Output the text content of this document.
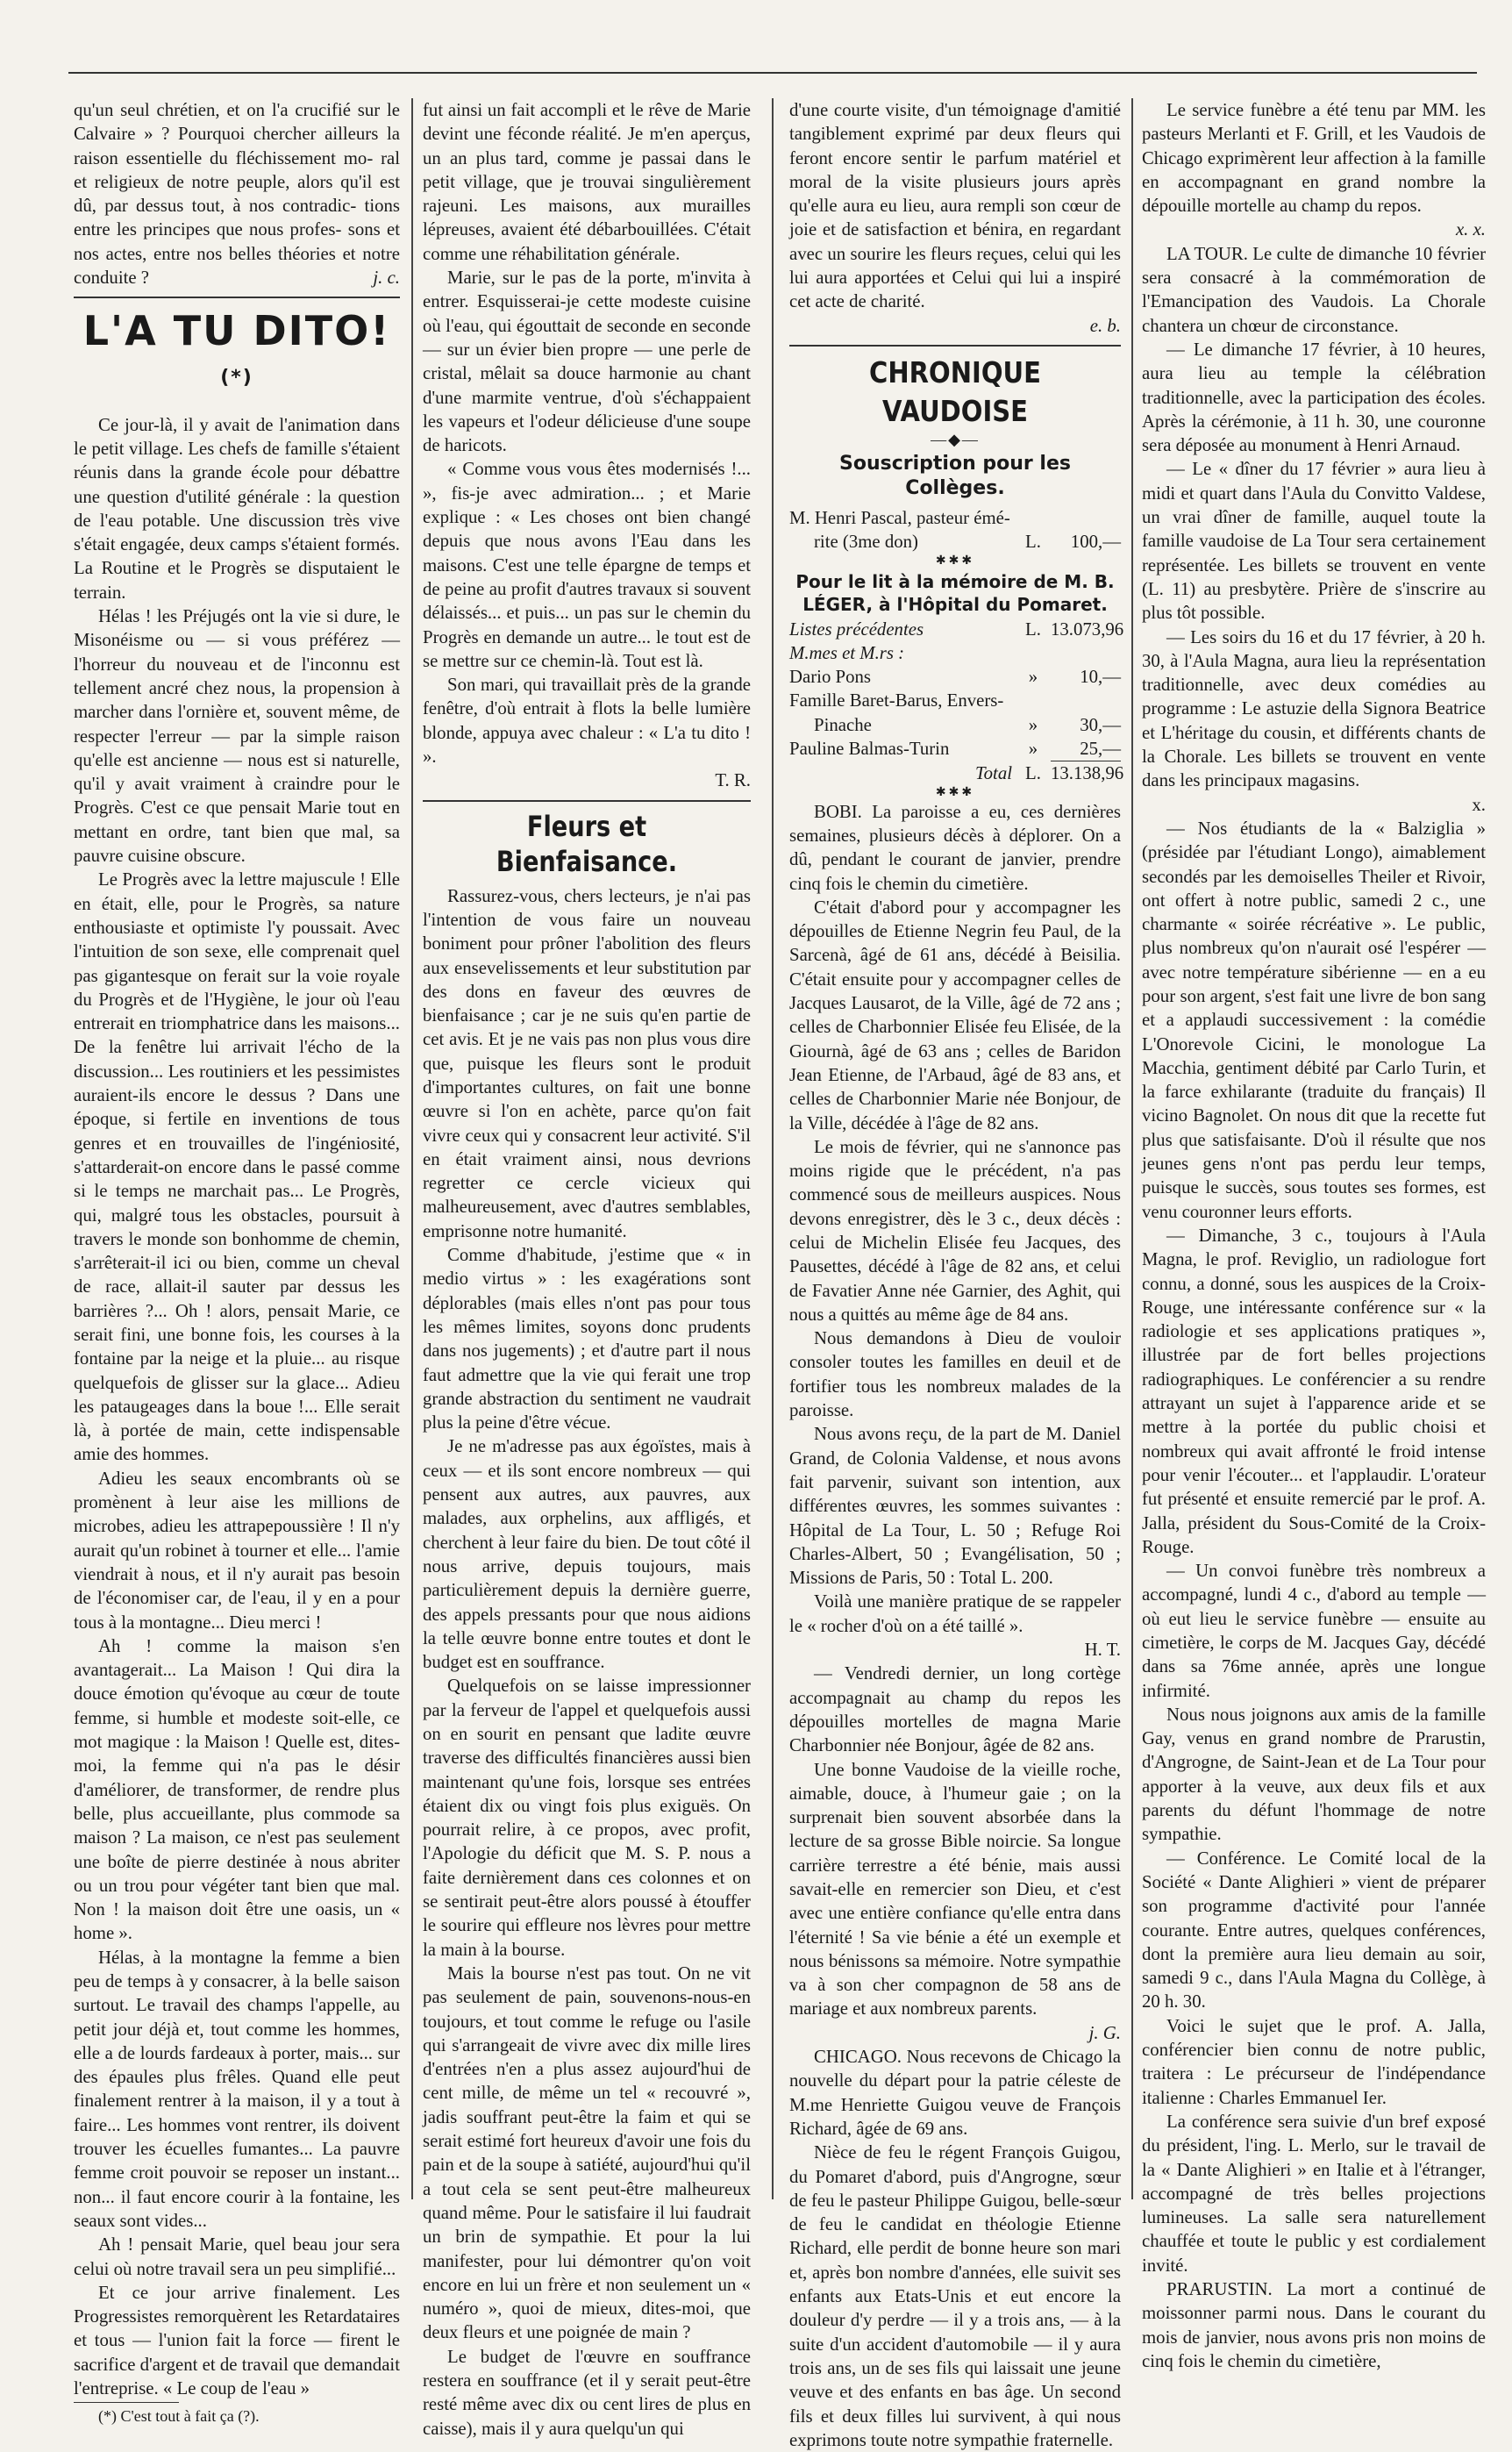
qu'un seul chrétien, et on l'a crucifié sur le Calvaire » ? Pourquoi chercher ailleurs la raison essentielle du fléchissement mo- ral et religieux de notre peuple, alors qu'il est dû, par dessus tout, à nos contradic- tions entre les principes que nous profes- sons et nos actes, entre nos belles théories et notre conduite ?	j. c.

L'A TU DITO!(*)

Ce jour-là, il y avait de l'animation dans le petit village. Les chefs de famille s'étaient réunis dans la grande école pour débattre une question d'utilité générale : la question de l'eau potable. Une discussion très vive s'était engagée, deux camps s'étaient formés. La Routine et le Progrès se disputaient le terrain.

Hélas ! les Préjugés ont la vie si dure, le Misonéisme ou — si vous préférez — l'horreur du nouveau et de l'inconnu est tellement ancré chez nous, la propension à marcher dans l'ornière et, souvent même, de respecter l'erreur — par la simple raison qu'elle est ancienne — nous est si naturelle, qu'il y avait vraiment à craindre pour le Progrès. C'est ce que pensait Marie tout en mettant en ordre, tant bien que mal, sa pauvre cuisine obscure.

Le Progrès avec la lettre majuscule ! Elle en était, elle, pour le Progrès, sa nature enthousiaste et optimiste l'y poussait. Avec l'intuition de son sexe, elle comprenait quel pas gigantesque on ferait sur la voie royale du Progrès et de l'Hygiène, le jour où l'eau entrerait en triomphatrice dans les maisons... De la fenêtre lui arrivait l'écho de la discussion... Les routiniers et les pessimistes auraient-ils encore le dessus ? Dans une époque, si fertile en inventions de tous genres et en trouvailles de l'ingéniosité, s'attarderait-on encore dans le passé comme si le temps ne marchait pas... Le Progrès, qui, malgré tous les obstacles, poursuit à travers le monde son bonhomme de chemin, s'arrêterait-il ici ou bien, comme un cheval de race, allait-il sauter par dessus les barrières ?... Oh ! alors, pensait Marie, ce serait fini, une bonne fois, les courses à la fontaine par la neige et la pluie... au risque quelquefois de glisser sur la glace... Adieu les pataugeages dans la boue !... Elle serait là, à portée de main, cette indispensable amie des hommes.

Adieu les seaux encombrants où se promènent à leur aise les millions de microbes, adieu les attrapepoussière ! Il n'y aurait qu'un robinet à tourner et elle... l'amie viendrait à nous, et il n'y aurait pas besoin de l'économiser car, de l'eau, il y en a pour tous à la montagne... Dieu merci !

Ah ! comme la maison s'en avantagerait... La Maison ! Qui dira la douce émotion qu'évoque au cœur de toute femme, si humble et modeste soit-elle, ce mot magique : la Maison ! Quelle est, dites-moi, la femme qui n'a pas le désir d'améliorer, de transformer, de rendre plus belle, plus accueillante, plus commode sa maison ? La maison, ce n'est pas seulement une boîte de pierre destinée à nous abriter ou un trou pour végéter tant bien que mal. Non ! la maison doit être une oasis, un « home ».

Hélas, à la montagne la femme a bien peu de temps à y consacrer, à la belle saison surtout. Le travail des champs l'appelle, au petit jour déjà et, tout comme les hommes, elle a de lourds fardeaux à porter, mais... sur des épaules plus frêles. Quand elle peut finalement rentrer à la maison, il y a tout à faire... Les hommes vont rentrer, ils doivent trouver les écuelles fumantes... La pauvre femme croit pouvoir se reposer un instant... non... il faut encore courir à la fontaine, les seaux sont vides...

Ah ! pensait Marie, quel beau jour sera celui où notre travail sera un peu simplifié...

Et ce jour arrive finalement. Les Progressistes remorquèrent les Retardataires et tous — l'union fait la force — firent le sacrifice d'argent et de travail que demandait l'entreprise. « Le coup de l'eau »

(*) C'est tout à fait ça (?).

fut ainsi un fait accompli et le rêve de Marie devint une féconde réalité. Je m'en aperçus, un an plus tard, comme je passai dans le petit village, que je trouvai singulièrement rajeuni. Les maisons, aux murailles lépreuses, avaient été débarbouillées. C'était comme une réhabilitation générale.

Marie, sur le pas de la porte, m'invita à entrer. Esquisserai-je cette modeste cuisine où l'eau, qui égouttait de seconde en seconde — sur un évier bien propre — une perle de cristal, mêlait sa douce harmonie au chant d'une marmite ventrue, d'où s'échappaient les vapeurs et l'odeur délicieuse d'une soupe de haricots.

« Comme vous vous êtes modernisés !... », fis-je avec admiration... ; et Marie explique : « Les choses ont bien changé depuis que nous avons l'Eau dans les maisons. C'est une telle épargne de temps et de peine au profit d'autres travaux si souvent délaissés... et puis... un pas sur le chemin du Progrès en demande un autre... le tout est de se mettre sur ce chemin-là. Tout est là.

Son mari, qui travaillait près de la grande fenêtre, d'où entrait à flots la belle lumière blonde, appuya avec chaleur : « L'a tu dito ! ».

T. R.

Fleurs et Bienfaisance.

Rassurez-vous, chers lecteurs, je n'ai pas l'intention de vous faire un nouveau boniment pour prôner l'abolition des fleurs aux ensevelissements et leur substitution par des dons en faveur des œuvres de bienfaisance ; car je ne suis qu'en partie de cet avis. Et je ne vais pas non plus vous dire que, puisque les fleurs sont le produit d'importantes cultures, on fait une bonne œuvre si l'on en achète, parce qu'on fait vivre ceux qui y consacrent leur activité. S'il en était vraiment ainsi, nous devrions regretter ce cercle vicieux qui malheureusement, avec d'autres semblables, emprisonne notre humanité.

Comme d'habitude, j'estime que « in medio virtus » : les exagérations sont déplorables (mais elles n'ont pas pour tous les mêmes limites, soyons donc prudents dans nos jugements) ; et d'autre part il nous faut admettre que la vie qui ferait une trop grande abstraction du sentiment ne vaudrait plus la peine d'être vécue.

Je ne m'adresse pas aux égoïstes, mais à ceux — et ils sont encore nombreux — qui pensent aux autres, aux pauvres, aux malades, aux orphelins, aux affligés, et cherchent à leur faire du bien. De tout côté il nous arrive, depuis toujours, mais particulièrement depuis la dernière guerre, des appels pressants pour que nous aidions la telle œuvre bonne entre toutes et dont le budget est en souffrance.

Quelquefois on se laisse impressionner par la ferveur de l'appel et quelquefois aussi on en sourit en pensant que ladite œuvre traverse des difficultés financières aussi bien maintenant qu'une fois, lorsque ses entrées étaient dix ou vingt fois plus exiguës. On pourrait relire, à ce propos, avec profit, l'Apologie du déficit que M. S. P. nous a faite dernièrement dans ces colonnes et on se sentirait peut-être alors poussé à étouffer le sourire qui effleure nos lèvres pour mettre la main à la bourse.

Mais la bourse n'est pas tout. On ne vit pas seulement de pain, souvenons-nous-en toujours, et tout comme le refuge ou l'asile qui s'arrangeait de vivre avec dix mille lires d'entrées n'en a plus assez aujourd'hui de cent mille, de même un tel « recouvré », jadis souffrant peut-être la faim et qui se serait estimé fort heureux d'avoir une fois du pain et de la soupe à satiété, aujourd'hui qu'il a tout cela se sent peut-être malheureux quand même. Pour le satisfaire il lui faudrait un brin de sympathie. Et pour la lui manifester, pour lui démontrer qu'on voit encore en lui un frère et non seulement un « numéro », quoi de mieux, dites-moi, que deux fleurs et une poignée de main ?

Le budget de l'œuvre en souffrance restera en souffrance (et il y serait peut-être resté même avec dix ou cent lires de plus en caisse), mais il y aura quelqu'un qui

d'une courte visite, d'un témoignage d'amitié tangiblement exprimé par deux fleurs qui feront encore sentir le parfum matériel et moral de la visite plusieurs jours après qu'elle aura eu lieu, aura rempli son cœur de joie et de satisfaction et bénira, en regardant avec un sourire les fleurs reçues, celui qui les lui aura apportées et Celui qui lui a inspiré cet acte de charité.

e. b.

CHRONIQUE VAUDOISE
—◆—
Souscription pour les Collèges.
M. Henri Pascal, pasteur émé-
rite (3me don)	L.	100,—
✱✱✱
Pour le lit à la mémoire de M. B.
LÉGER, à l'Hôpital du Pomaret.
Listes précédentes	L. 13.073,96
M.mes et M.rs :
Dario Pons	»	10,—
Famille Baret-Barus, Envers-
Pinache	»	30,—
Pauline Balmas-Turin	»	25,—
Total L. 13.138,96
✱✱✱

BOBI. La paroisse a eu, ces dernières semaines, plusieurs décès à déplorer. On a dû, pendant le courant de janvier, prendre cinq fois le chemin du cimetière.

C'était d'abord pour y accompagner les dépouilles de Etienne Negrin feu Paul, de la Sarcenà, âgé de 61 ans, décédé à Beisilia. C'était ensuite pour y accompagner celles de Jacques Lausarot, de la Ville, âgé de 72 ans ; celles de Charbonnier Elisée feu Elisée, de la Giournà, âgé de 63 ans ; celles de Baridon Jean Etienne, de l'Arbaud, âgé de 83 ans, et celles de Charbonnier Marie née Bonjour, de la Ville, décédée à l'âge de 82 ans.

Le mois de février, qui ne s'annonce pas moins rigide que le précédent, n'a pas commencé sous de meilleurs auspices. Nous devons enregistrer, dès le 3 c., deux décès : celui de Michelin Elisée feu Jacques, des Pausettes, décédé à l'âge de 82 ans, et celui de Favatier Anne née Garnier, des Aghit, qui nous a quittés au même âge de 84 ans.

Nous demandons à Dieu de vouloir consoler toutes les familles en deuil et de fortifier tous les nombreux malades de la paroisse.

Nous avons reçu, de la part de M. Daniel Grand, de Colonia Valdense, et nous avons fait parvenir, suivant son intention, aux différentes œuvres, les sommes suivantes : Hôpital de La Tour, L. 50 ; Refuge Roi Charles-Albert, 50 ; Evangélisation, 50 ; Missions de Paris, 50 : Total L. 200.

Voilà une manière pratique de se rappeler le « rocher d'où on a été taillé ».

H. T.

— Vendredi dernier, un long cortège accompagnait au champ du repos les dépouilles mortelles de magna Marie Charbonnier née Bonjour, âgée de 82 ans.

Une bonne Vaudoise de la vieille roche, aimable, douce, à l'humeur gaie ; on la surprenait bien souvent absorbée dans la lecture de sa grosse Bible noircie. Sa longue carrière terrestre a été bénie, mais aussi savait-elle en remercier son Dieu, et c'est avec une entière confiance qu'elle entra dans l'éternité ! Sa vie bénie a été un exemple et nous bénissons sa mémoire. Notre sympathie va à son cher compagnon de 58 ans de mariage et aux nombreux parents.

j. G.

CHICAGO. Nous recevons de Chicago la nouvelle du départ pour la patrie céleste de M.me Henriette Guigou veuve de François Richard, âgée de 69 ans.

Nièce de feu le régent François Guigou, du Pomaret d'abord, puis d'Angrogne, sœur de feu le pasteur Philippe Guigou, belle-sœur de feu le candidat en théologie Etienne Richard, elle perdit de bonne heure son mari et, après bon nombre d'années, elle suivit ses enfants aux Etats-Unis et eut encore la douleur d'y perdre — il y a trois ans, — à la suite d'un accident d'automobile — il y aura trois ans, un de ses fils qui laissait une jeune veuve et des enfants en bas âge. Un second fils et deux filles lui survivent, à qui nous exprimons toute notre sympathie fraternelle.

Le service funèbre a été tenu par MM. les pasteurs Merlanti et F. Grill, et les Vaudois de Chicago exprimèrent leur affection à la famille en accompagnant en grand nombre la dépouille mortelle au champ du repos.

x. x.

LA TOUR. Le culte de dimanche 10 février sera consacré à la commémoration de l'Emancipation des Vaudois. La Chorale chantera un chœur de circonstance.

— Le dimanche 17 février, à 10 heures, aura lieu au temple la célébration traditionnelle, avec la participation des écoles. Après la cérémonie, à 11 h. 30, une couronne sera déposée au monument à Henri Arnaud.

— Le « dîner du 17 février » aura lieu à midi et quart dans l'Aula du Convitto Valdese, un vrai dîner de famille, auquel toute la famille vaudoise de La Tour sera certainement représentée. Les billets se trouvent en vente (L. 11) au presbytère. Prière de s'inscrire au plus tôt possible.

— Les soirs du 16 et du 17 février, à 20 h. 30, à l'Aula Magna, aura lieu la représentation traditionnelle, avec deux comédies au programme : Le astuzie della Signora Beatrice et L'héritage du cousin, et différents chants de la Chorale. Les billets se trouvent en vente dans les principaux magasins.

x.

— Nos étudiants de la « Balziglia » (présidée par l'étudiant Longo), aimablement secondés par les demoiselles Theiler et Rivoir, ont offert à notre public, samedi 2 c., une charmante « soirée récréative ». Le public, plus nombreux qu'on n'aurait osé l'espérer — avec notre température sibérienne — en a eu pour son argent, s'est fait une livre de bon sang et a applaudi successivement : la comédie L'Onorevole Cicini, le monologue La Macchia, gentiment débité par Carlo Turin, et la farce exhilarante (traduite du français) Il vicino Bagnolet. On nous dit que la recette fut plus que satisfaisante. D'où il résulte que nos jeunes gens n'ont pas perdu leur temps, puisque le succès, sous toutes ses formes, est venu couronner leurs efforts.

— Dimanche, 3 c., toujours à l'Aula Magna, le prof. Reviglio, un radiologue fort connu, a donné, sous les auspices de la Croix-Rouge, une intéressante conférence sur « la radiologie et ses applications pratiques », illustrée par de fort belles projections radiographiques. Le conférencier a su rendre attrayant un sujet à l'apparence aride et se mettre à la portée du public choisi et nombreux qui avait affronté le froid intense pour venir l'écouter... et l'applaudir. L'orateur fut présenté et ensuite remercié par le prof. A. Jalla, président du Sous-Comité de la Croix-Rouge.

— Un convoi funèbre très nombreux a accompagné, lundi 4 c., d'abord au temple — où eut lieu le service funèbre — ensuite au cimetière, le corps de M. Jacques Gay, décédé dans sa 76me année, après une longue infirmité.

Nous nous joignons aux amis de la famille Gay, venus en grand nombre de Prarustin, d'Angrogne, de Saint-Jean et de La Tour pour apporter à la veuve, aux deux fils et aux parents du défunt l'hommage de notre sympathie.

— Conférence. Le Comité local de la Société « Dante Alighieri » vient de préparer son programme d'activité pour l'année courante. Entre autres, quelques conférences, dont la première aura lieu demain au soir, samedi 9 c., dans l'Aula Magna du Collège, à 20 h. 30.

Voici le sujet que le prof. A. Jalla, conférencier bien connu de notre public, traitera : Le précurseur de l'indépendance italienne : Charles Emmanuel Ier.

La conférence sera suivie d'un bref exposé du président, l'ing. L. Merlo, sur le travail de la « Dante Alighieri » en Italie et à l'étranger, accompagné de très belles projections lumineuses. La salle sera naturellement chauffée et toute le public y est cordialement invité.

PRARUSTIN. La mort a continué de moissonner parmi nous. Dans le courant du mois de janvier, nous avons pris non moins de cinq fois le chemin du cimetière,
